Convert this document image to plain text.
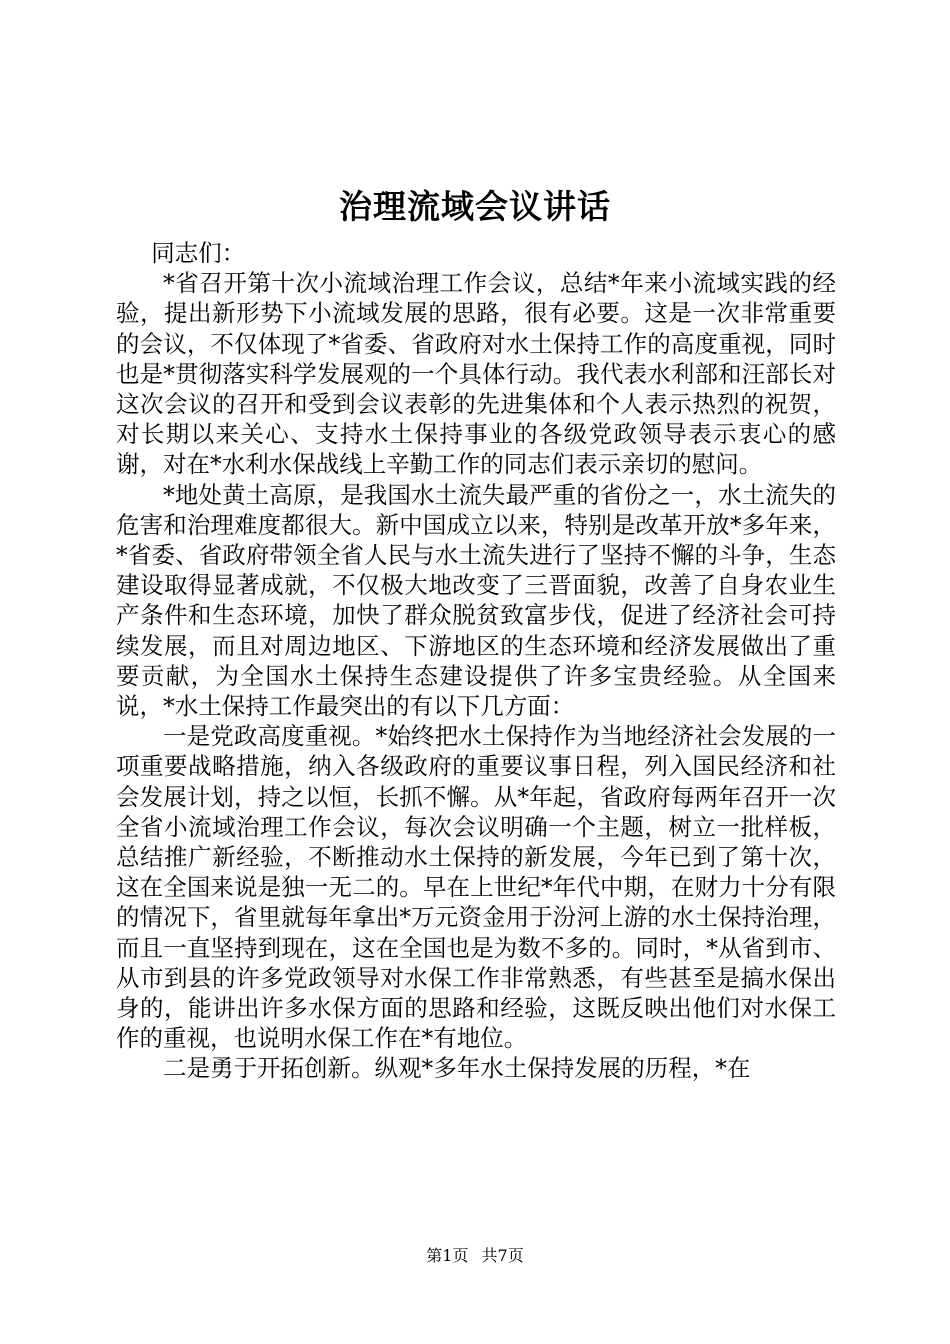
治理流域会议讲话

同志们：

*省召开第十次小流域治理工作会议，总结*年来小流域实践的经验，提出新形势下小流域发展的思路，很有必要。这是一次非常重要的会议，不仅体现了*省委、省政府对水土保持工作的高度重视，同时也是*贯彻落实科学发展观的一个具体行动。我代表水利部和汪部长对这次会议的召开和受到会议表彰的先进集体和个人表示热烈的祝贺，对长期以来关心、支持水土保持事业的各级党政领导表示衷心的感谢，对在*水利水保战线上辛勤工作的同志们表示亲切的慰问。

*地处黄土高原，是我国水土流失最严重的省份之一，水土流失的危害和治理难度都很大。新中国成立以来，特别是改革开放*多年来，*省委、省政府带领全省人民与水土流失进行了坚持不懈的斗争，生态建设取得显著成就，不仅极大地改变了三晋面貌，改善了自身农业生产条件和生态环境，加快了群众脱贫致富步伐，促进了经济社会可持续发展，而且对周边地区、下游地区的生态环境和经济发展做出了重要贡献，为全国水土保持生态建设提供了许多宝贵经验。从全国来说，*水土保持工作最突出的有以下几方面：

一是党政高度重视。*始终把水土保持作为当地经济社会发展的一项重要战略措施，纳入各级政府的重要议事日程，列入国民经济和社会发展计划，持之以恒，长抓不懈。从*年起，省政府每两年召开一次全省小流域治理工作会议，每次会议明确一个主题，树立一批样板，总结推广新经验，不断推动水土保持的新发展，今年已到了第十次，这在全国来说是独一无二的。早在上世纪*年代中期，在财力十分有限的情况下，省里就每年拿出*万元资金用于汾河上游的水土保持治理，而且一直坚持到现在，这在全国也是为数不多的。同时，*从省到市、从市到县的许多党政领导对水保工作非常熟悉，有些甚至是搞水保出身的，能讲出许多水保方面的思路和经验，这既反映出他们对水保工作的重视，也说明水保工作在*有地位。

二是勇于开拓创新。纵观*多年水土保持发展的历程，*在

第1页 共7页
